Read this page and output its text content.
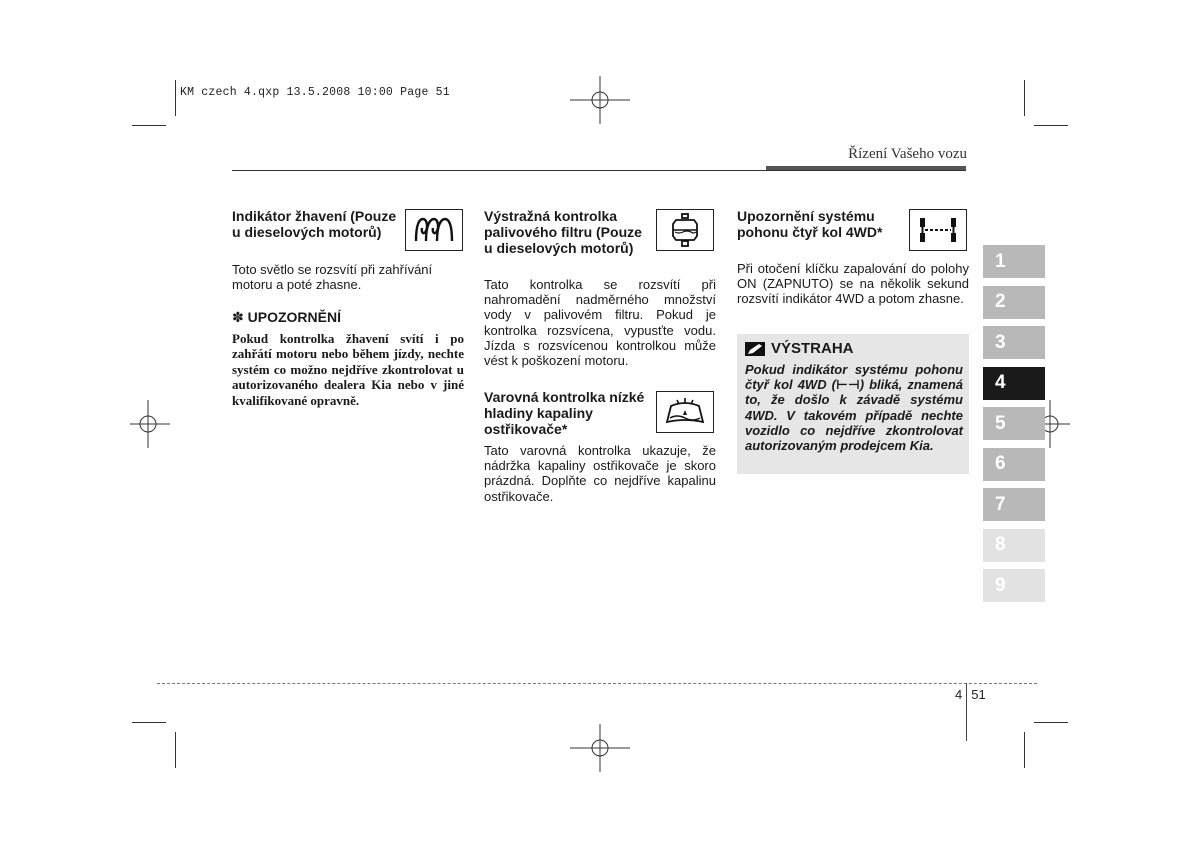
KM czech 4.qxp 13.5.2008 10:00 Page 51
Řízení Vašeho vozu

Indikátor žhavení (Pouze u dieselových motorů)

Toto světlo se rozsvítí při zahřívání motoru a poté zhasne.

✽ UPOZORNĚNÍ

Pokud kontrolka žhavení svítí i po zahřátí motoru nebo během jízdy, nechte systém co možno nejdříve zkontrolovat u autorizovaného dealera Kia nebo v jiné kvalifikované opravně.

Výstražná kontrolka palivového filtru (Pouze u dieselových motorů)

Tato kontrolka se rozsvítí při nahromadění nadměrného množství vody v palivovém filtru. Pokud je kontrolka rozsvícena, vypusťte vodu. Jízda s rozsvícenou kontrolkou může vést k poškození motoru.

Varovná kontrolka nízké hladiny kapaliny ostřikovače*

Tato varovná kontrolka ukazuje, že nádržka kapaliny ostřikovače je skoro prázdná. Doplňte co nejdříve kapalinu ostřikovače.

Upozornění systému pohonu čtyř kol 4WD*

Při otočení klíčku zapalování do polohy ON (ZAPNUTO) se na několik sekund rozsvítí indikátor 4WD a potom zhasne.

VÝSTRAHA
Pokud indikátor systému pohonu čtyř kol 4WD (⊢⊣) bliká, znamená to, že došlo k závadě systému 4WD. V takovém případě nechte vozidlo co nejdříve zkontrolovat autorizovaným prodejcem Kia.
1
2
3
4
5
6
7
8
9
4 51
